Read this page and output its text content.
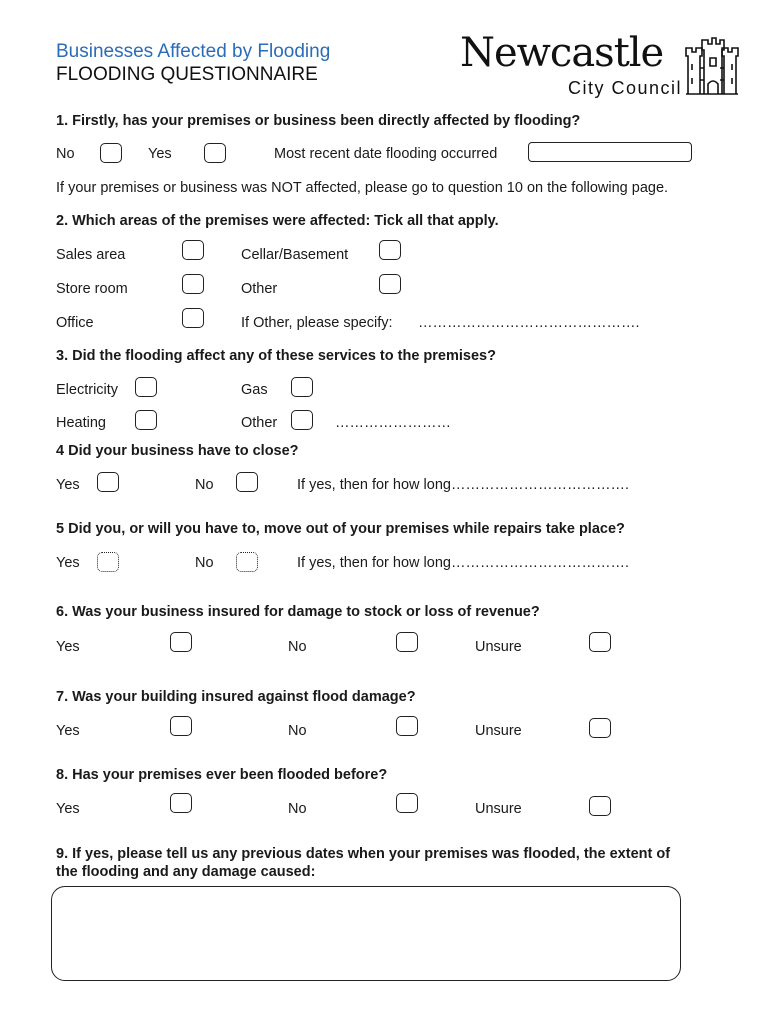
Businesses Affected by Flooding
FLOODING QUESTIONNAIRE	Newcastle
City Council
1. Firstly, has your premises or business been directly affected by flooding?
No	Yes	Most recent date flooding occurred
If your premises or business was NOT affected, please go to question 10 on the following page.
2. Which areas of the premises were affected: Tick all that apply.
Sales area	Cellar/Basement
Store room	Other
Office	If Other, please specify: ……………………………………….
3. Did the flooding affect any of these services to the premises?
Electricity	Gas
Heating	Other	……………………
4 Did your business have to close?
Yes	No	If yes, then for how long……………………………….
5 Did you, or will you have to, move out of your premises while repairs take place?
Yes	No	If yes, then for how long……………………………….
6. Was your business insured for damage to stock or loss of revenue?
Yes	No	Unsure
7. Was your building insured against flood damage?
Yes	No	Unsure
8. Has your premises ever been flooded before?
Yes	No	Unsure
9. If yes, please tell us any previous dates when your premises was flooded, the extent of
the flooding and any damage caused:
